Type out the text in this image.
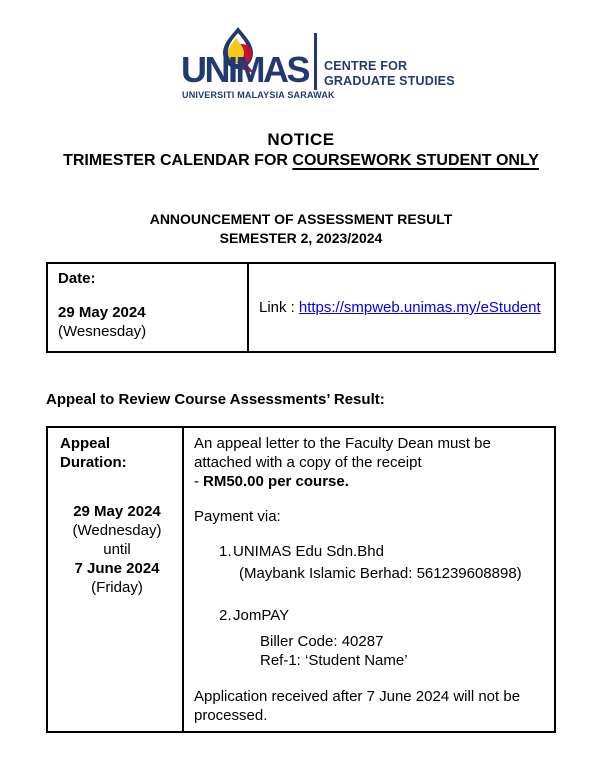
UNIMAS
UNIVERSITI MALAYSIA SARAWAK
CENTRE FOR
GRADUATE STUDIES
NOTICE
TRIMESTER CALENDAR FOR COURSEWORK STUDENT ONLY
ANNOUNCEMENT OF ASSESSMENT RESULT
SEMESTER 2, 2023/2024
Date:
29 May 2024
(Wesnesday)
Link : https://smpweb.unimas.my/eStudent
Appeal to Review Course Assessments’ Result:
Appeal
Duration:
29 May 2024
(Wednesday)
until
7 June 2024
(Friday)
An appeal letter to the Faculty Dean must be attached with a copy of the receipt
- RM50.00 per course.
Payment via:
1. UNIMAS Edu Sdn.Bhd
(Maybank Islamic Berhad: 561239608898)
2. JomPAY
Biller Code: 40287
Ref-1: ‘Student Name’
Application received after 7 June 2024 will not be processed.
